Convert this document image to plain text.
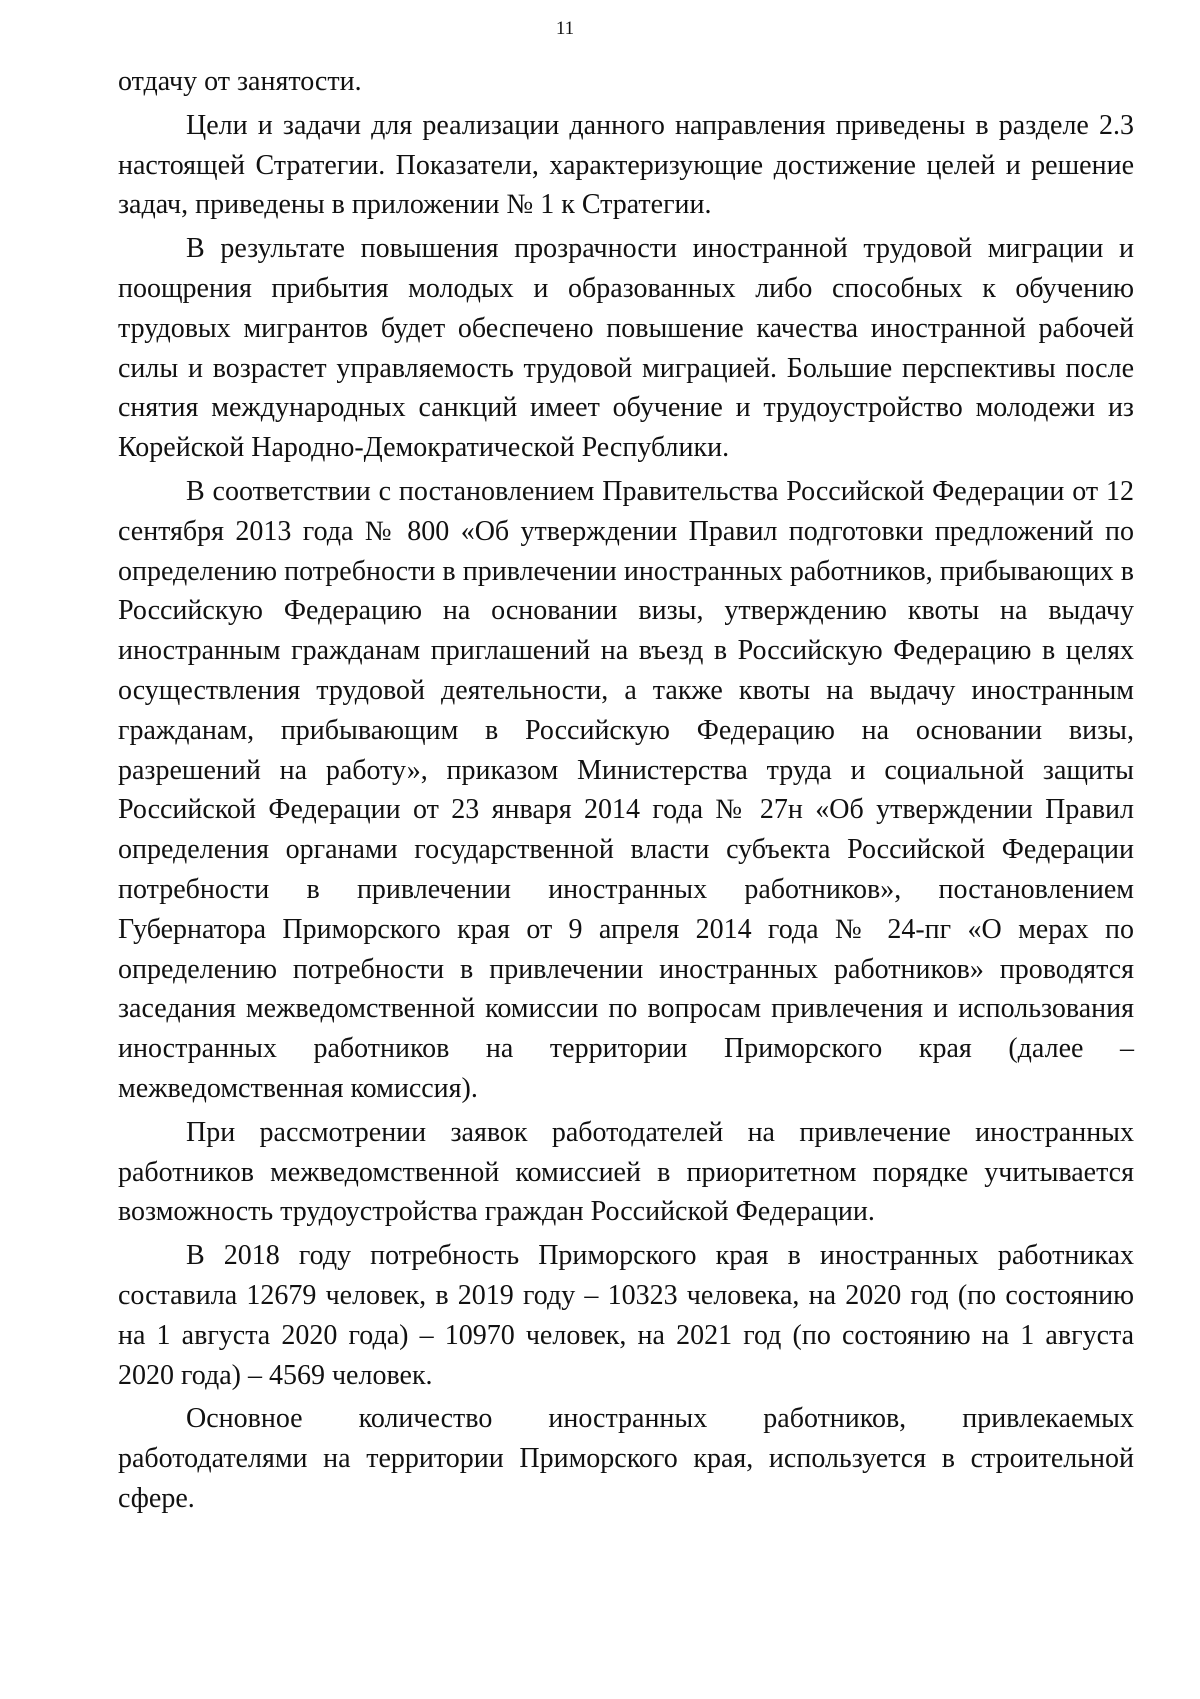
11

отдачу от занятости.

Цели и задачи для реализации данного направления приведены в разделе 2.3 настоящей Стратегии. Показатели, характеризующие достижение целей и решение задач, приведены в приложении № 1 к Стратегии.

В результате повышения прозрачности иностранной трудовой миграции и поощрения прибытия молодых и образованных либо способных к обучению трудовых мигрантов будет обеспечено повышение качества иностранной рабочей силы и возрастет управляемость трудовой миграцией. Большие перспективы после снятия международных санкций имеет обучение и трудоустройство молодежи из Корейской Народно-Демократической Республики.

В соответствии с постановлением Правительства Российской Федерации от 12 сентября 2013 года № 800 «Об утверждении Правил подготовки предложений по определению потребности в привлечении иностранных работников, прибывающих в Российскую Федерацию на основании визы, утверждению квоты на выдачу иностранным гражданам приглашений на въезд в Российскую Федерацию в целях осуществления трудовой деятельности, а также квоты на выдачу иностранным гражданам, прибывающим в Российскую Федерацию на основании визы, разрешений на работу», приказом Министерства труда и социальной защиты Российской Федерации от 23 января 2014 года № 27н «Об утверждении Правил определения органами государственной власти субъекта Российской Федерации потребности в привлечении иностранных работников», постановлением Губернатора Приморского края от 9 апреля 2014 года № 24-пг «О мерах по определению потребности в привлечении иностранных работников» проводятся заседания межведомственной комиссии по вопросам привлечения и использования иностранных работников на территории Приморского края (далее – межведомственная комиссия).

При рассмотрении заявок работодателей на привлечение иностранных работников межведомственной комиссией в приоритетном порядке учитывается возможность трудоустройства граждан Российской Федерации.

В 2018 году потребность Приморского края в иностранных работниках составила 12679 человек, в 2019 году – 10323 человека, на 2020 год (по состоянию на 1 августа 2020 года) – 10970 человек, на 2021 год (по состоянию на 1 августа 2020 года) – 4569 человек.

Основное количество иностранных работников, привлекаемых работодателями на территории Приморского края, используется в строительной сфере.
